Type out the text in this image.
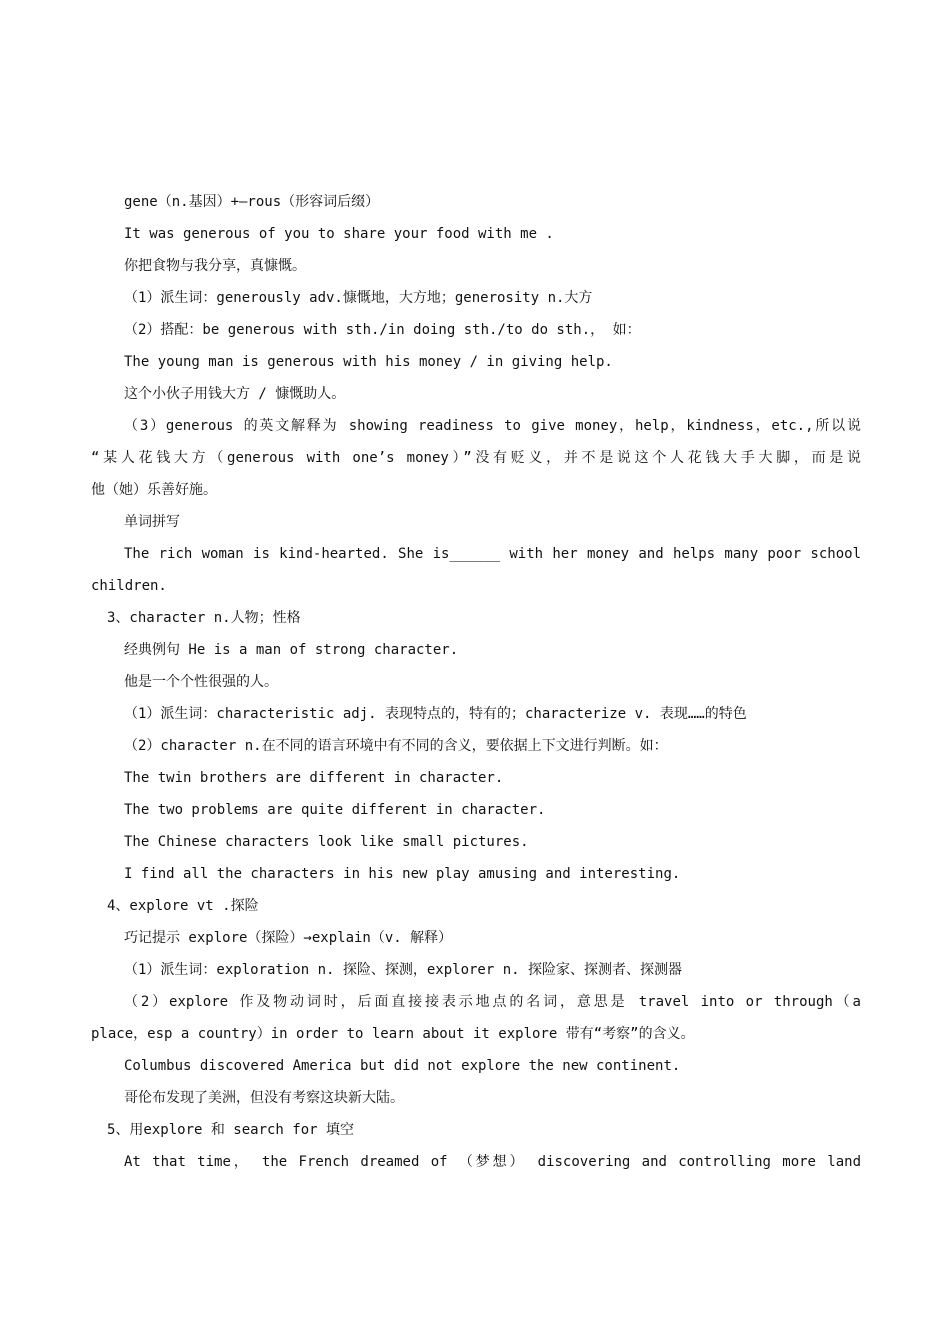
gene（n.基因）+—rous（形容词后缀）
It was generous of you to share your food with me .
你把食物与我分享，真慷慨。
（1）派生词：generously adv.慷慨地，大方地；generosity n.大方
（2）搭配：be generous with sth./in doing sth./to do sth.， 如：
The young man is generous with his money / in giving help.
这个小伙子用钱大方 / 慷慨助人。
（3）generous 的英文解释为 showing readiness to give money，help，kindness，etc.,所以说
“某人花钱大方（generous with one’s money）”没有贬义，并不是说这个人花钱大手大脚，而是说
他（她）乐善好施。
单词拼写
The rich woman is kind-hearted. She is______ with her money and helps many poor school
children.
3、character n.人物；性格
经典例句 He is a man of strong character.
他是一个个性很强的人。
（1）派生词：characteristic adj. 表现特点的，特有的；characterize v. 表现……的特色
（2）character n.在不同的语言环境中有不同的含义，要依据上下文进行判断。如：
The twin brothers are different in character.
The two problems are quite different in character.
The Chinese characters look like small pictures.
I find all the characters in his new play amusing and interesting.
4、explore vt .探险
巧记提示 explore（探险）→explain（v. 解释）
（1）派生词：exploration n. 探险、探测，explorer n. 探险家、探测者、探测器
（2）explore 作及物动词时，后面直接接表示地点的名词，意思是 travel into or through（a
place，esp a country）in order to learn about it explore 带有“考察”的含义。
Columbus discovered America but did not explore the new continent.
哥伦布发现了美洲，但没有考察这块新大陆。
5、用explore 和 search for 填空
At that time， the French dreamed of （梦想） discovering and controlling more land
